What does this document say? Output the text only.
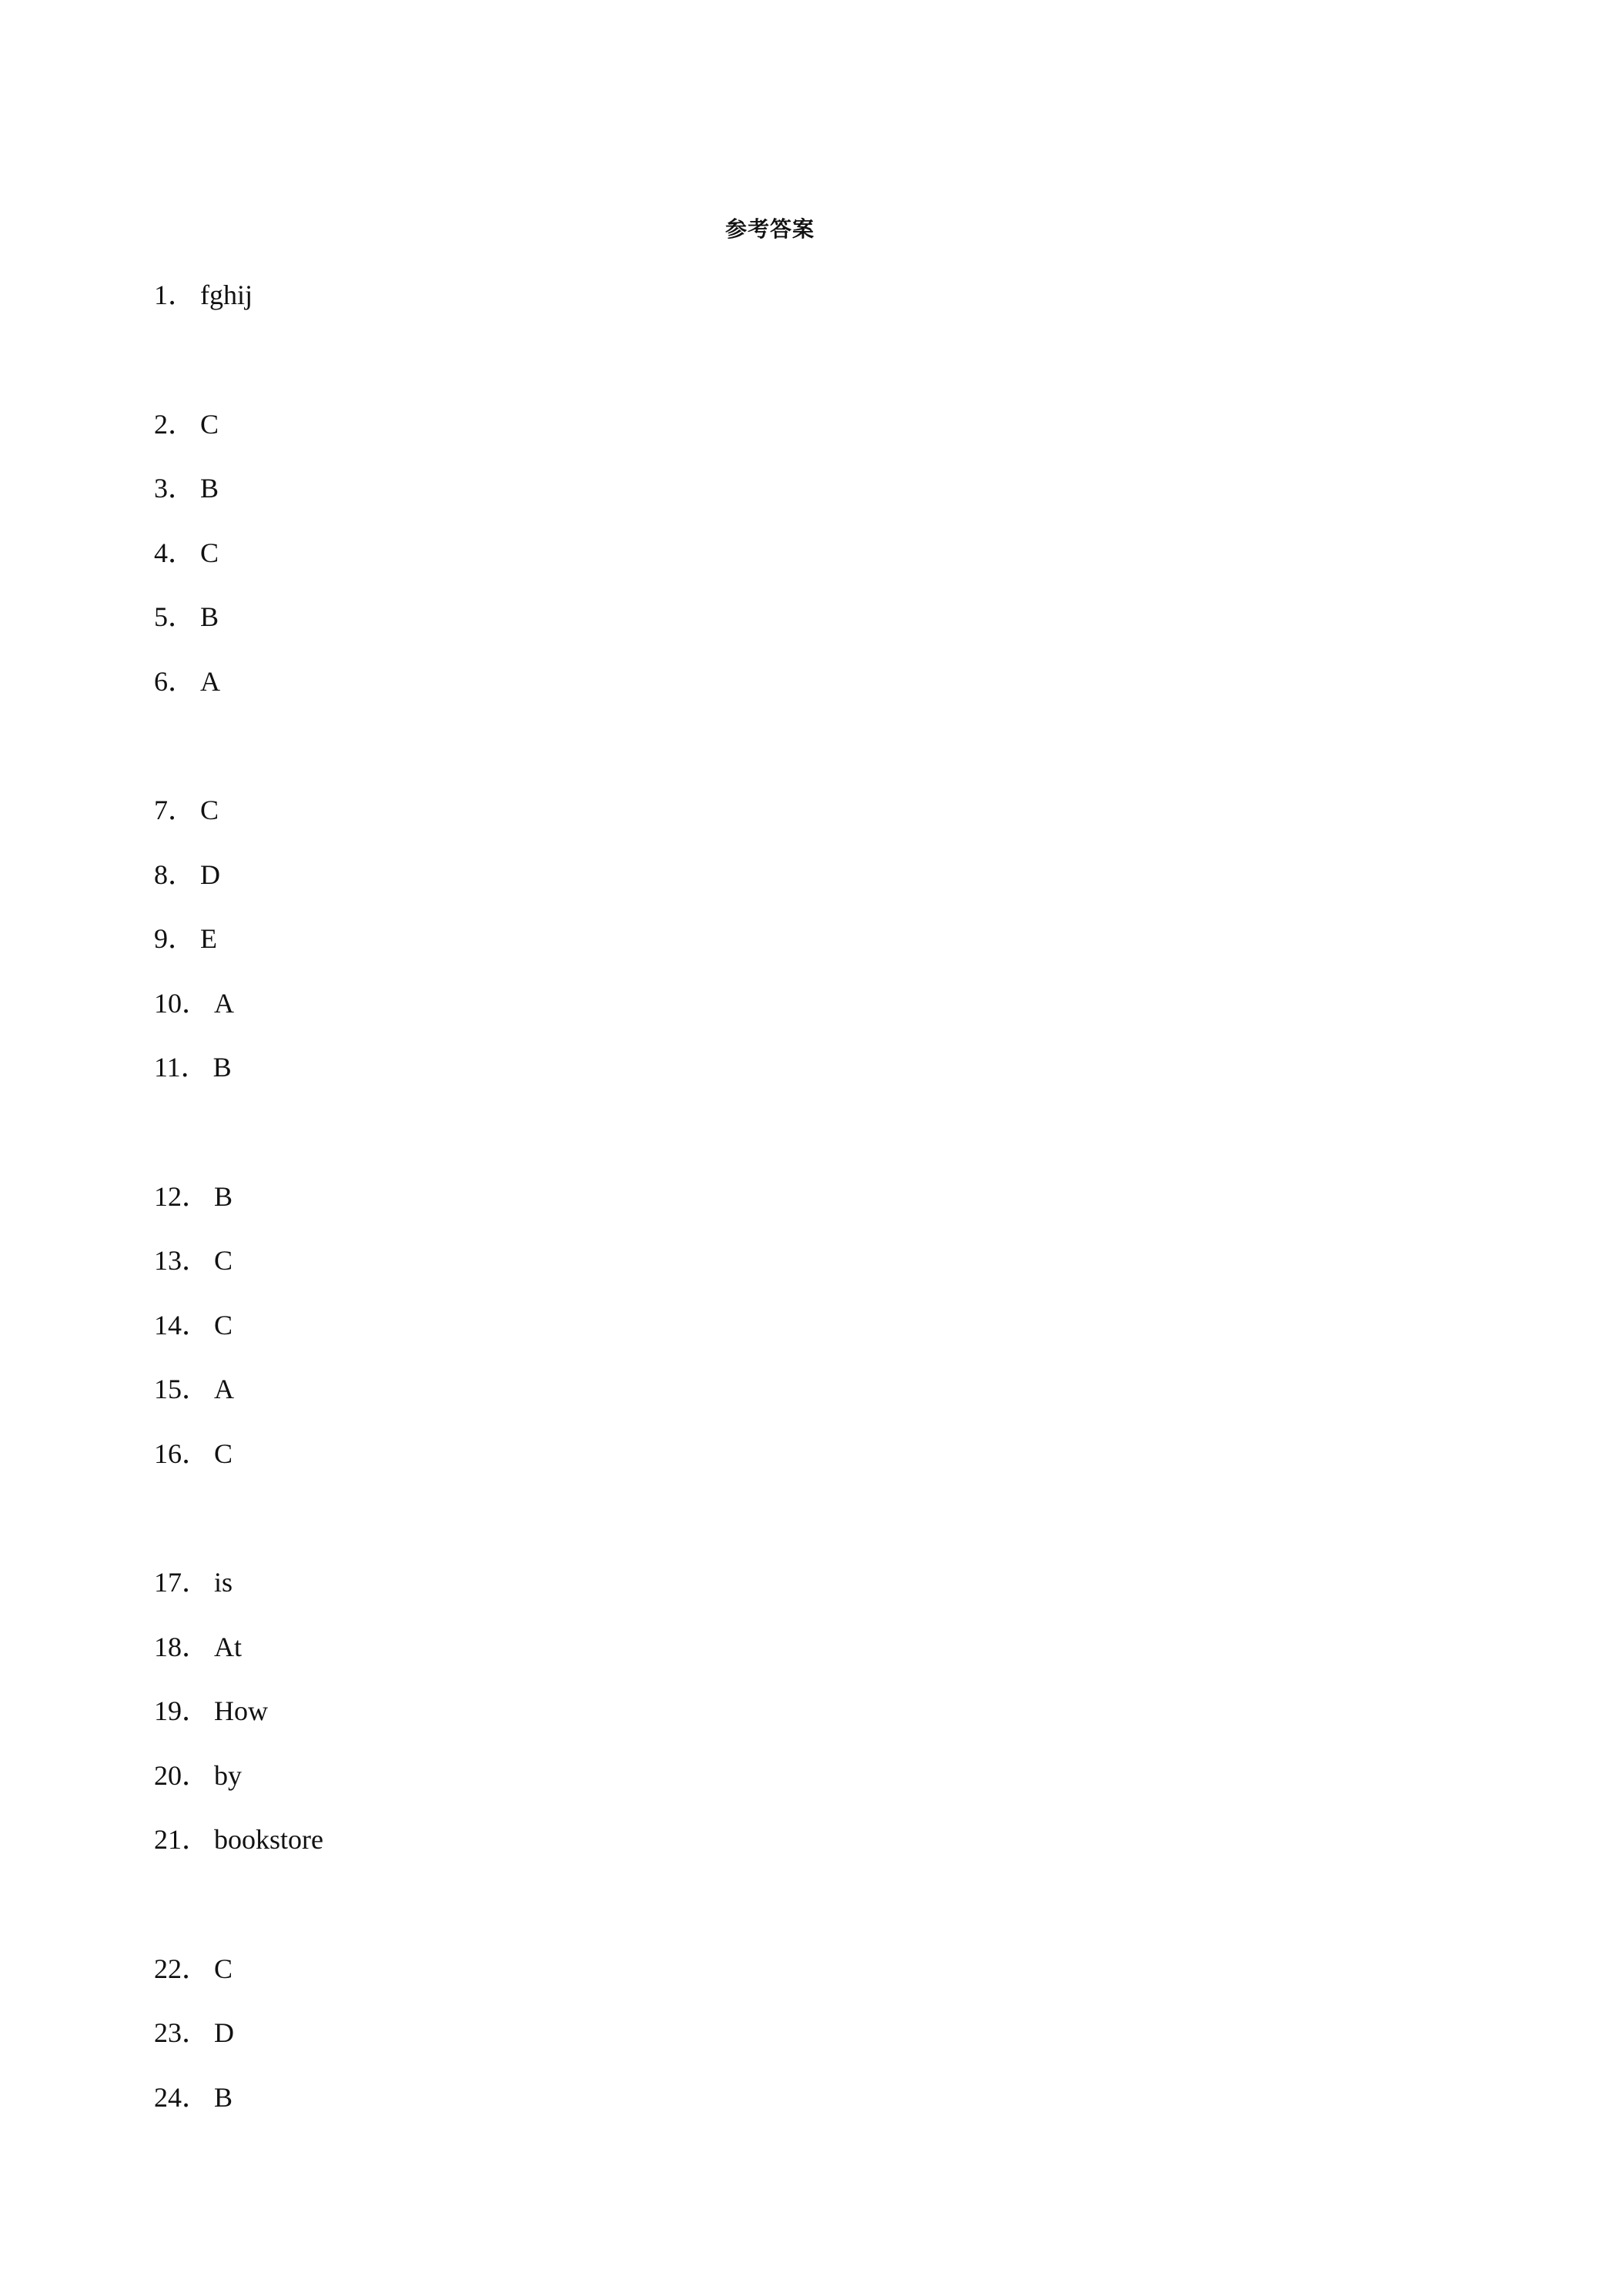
参考答案
1． fghij
2． C
3． B
4． C
5． B
6． A
7． C
8． D
9． E
10． A
11． B
12． B
13． C
14． C
15． A
16． C
17． is
18． At
19． How
20． by
21． bookstore
22． C
23． D
24． B
